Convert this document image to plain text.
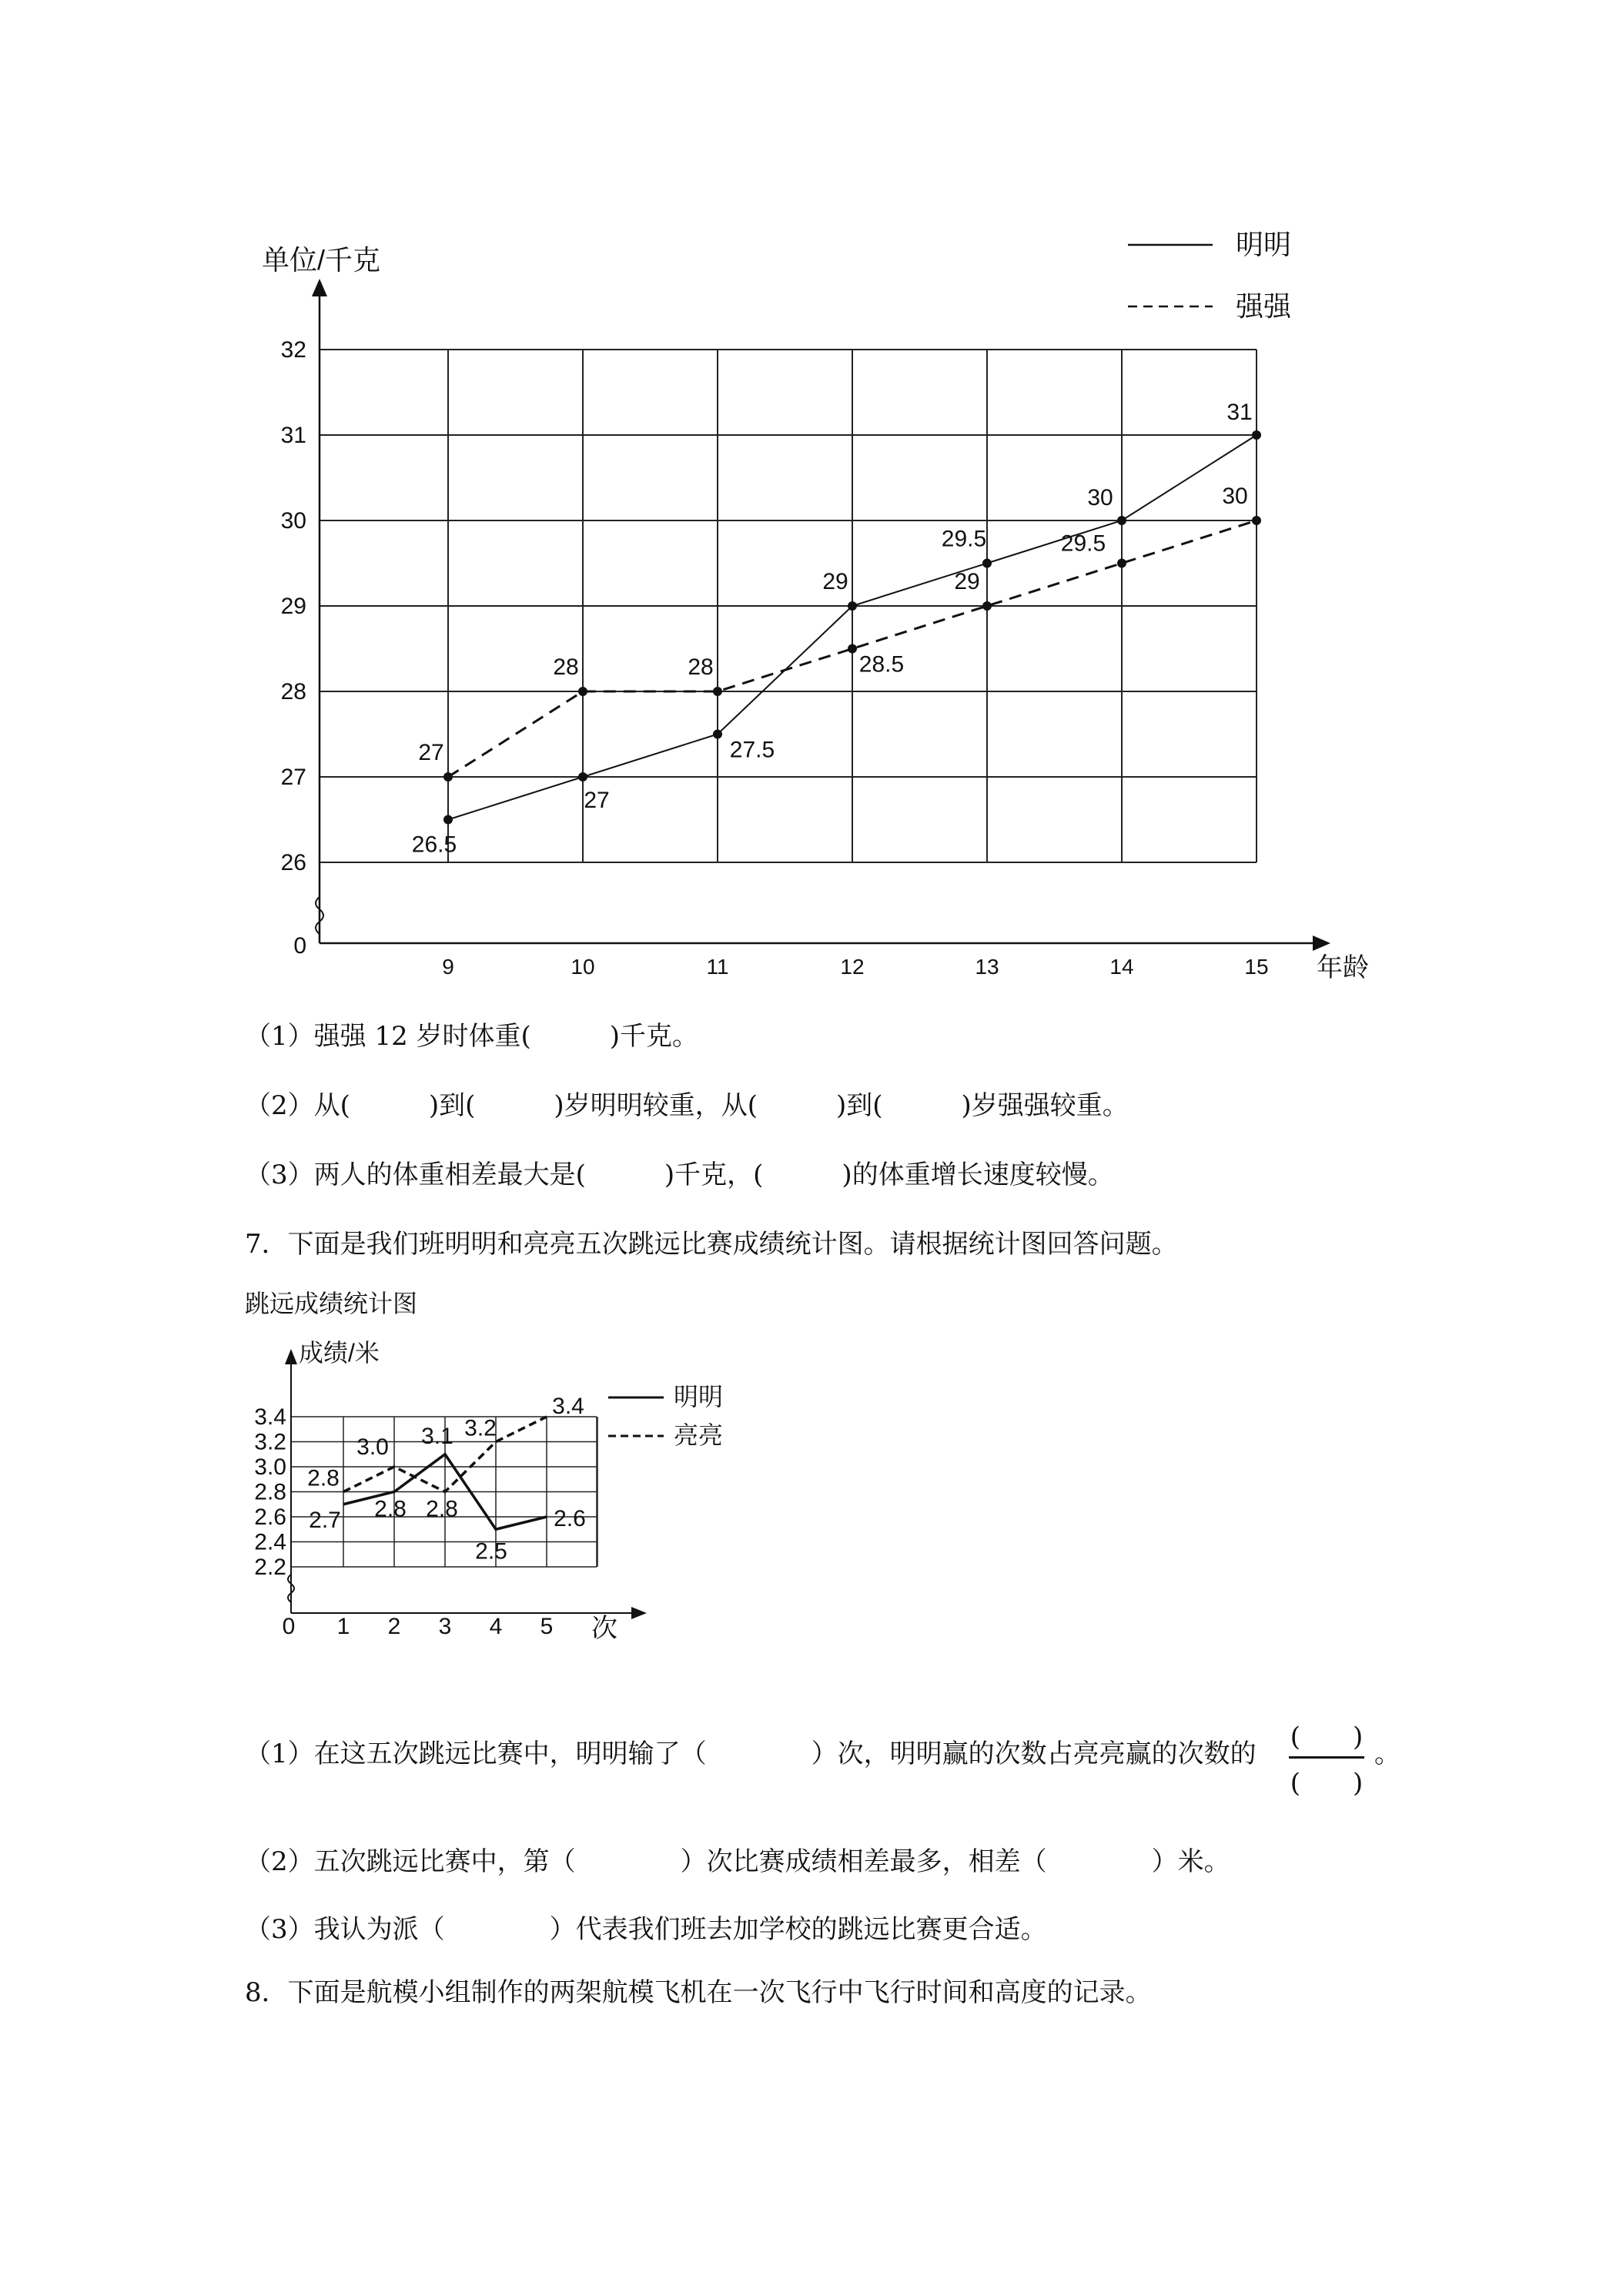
0
26
27
28
29
30
31
32
9	10	11	12	13	14	15
单位/千克
年龄
明明
强强
26.5
27
27.5
29
29.5
30
31
27
28	28	28.5
29
29.5
30
（1）强强 12 岁时体重(　　　)千克。
（2）从(　　　)到(　　　)岁明明较重，从(　　　)到(　　　)岁强强较重。
（3）两人的体重相差最大是(　　　)千克，(　　　)的体重增长速度较慢。
7．下面是我们班明明和亮亮五次跳远比赛成绩统计图。请根据统计图回答问题。
跳远成绩统计图
2.2
2.4
2.6
2.8
3.0
3.2
3.4
0 1 2 3 4 5
成绩/米
次
明明
亮亮
2.7 2.8
3.1
2.5
2.6
2.8
3.0
2.8
3.2
3.4
（1）在这五次跳远比赛中，明明输了（　　　　）次，明明赢的次数占亮亮赢的次数的
(　　)
(　　)
。
（2）五次跳远比赛中，第（　　　　）次比赛成绩相差最多，相差（　　　　）米。
（3）我认为派（　　　　）代表我们班去加学校的跳远比赛更合适。
8．下面是航模小组制作的两架航模飞机在一次飞行中飞行时间和高度的记录。
